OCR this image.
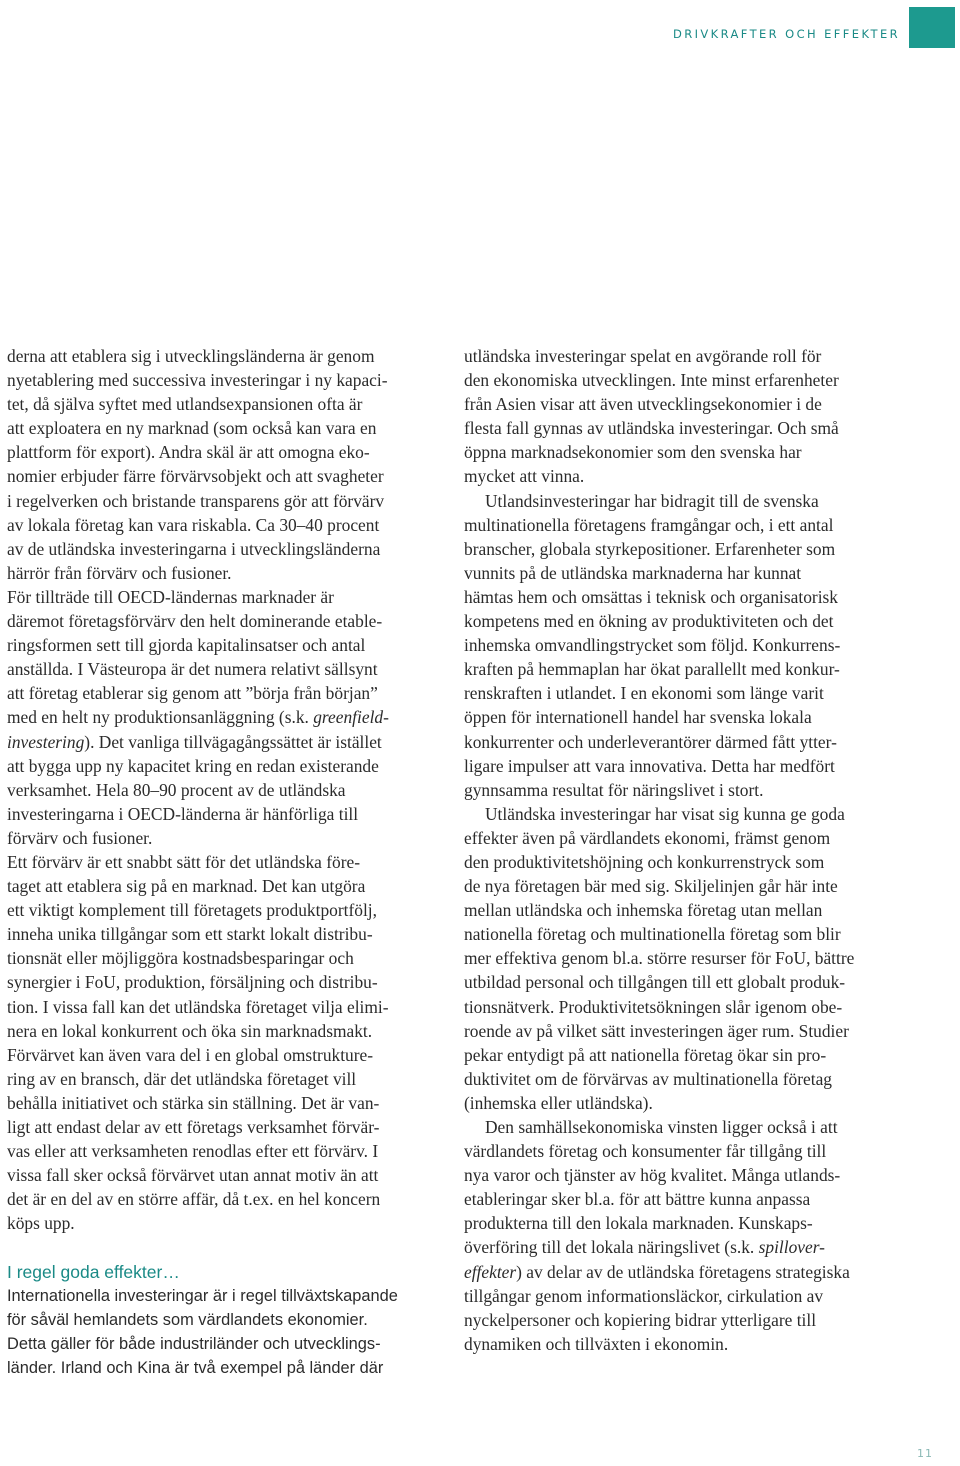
DRIVKRAFTER OCH EFFEKTER
derna att etablera sig i utvecklingsländerna är genom
nyetablering med successiva investeringar i ny kapaci-
tet, då själva syftet med utlandsexpansionen ofta är
att exploatera en ny marknad (som också kan vara en
plattform för export). Andra skäl är att omogna eko-
nomier erbjuder färre förvärvsobjekt och att svagheter
i regelverken och bristande transparens gör att förvärv
av lokala företag kan vara riskabla. Ca 30–40 procent
av de utländska investeringarna i utvecklingsländerna
härrör från förvärv och fusioner.
För tillträde till OECD-ländernas marknader är
däremot företagsförvärv den helt dominerande etable-
ringsformen sett till gjorda kapitalinsatser och antal
anställda. I Västeuropa är det numera relativt sällsynt
att företag etablerar sig genom att ”börja från början”
med en helt ny produktionsanläggning (s.k. greenfield-
investering). Det vanliga tillvägagångssättet är istället
att bygga upp ny kapacitet kring en redan existerande
verksamhet. Hela 80–90 procent av de utländska
investeringarna i OECD-länderna är hänförliga till
förvärv och fusioner.
Ett förvärv är ett snabbt sätt för det utländska före-
taget att etablera sig på en marknad. Det kan utgöra
ett viktigt komplement till företagets produktportfölj,
inneha unika tillgångar som ett starkt lokalt distribu-
tionsnät eller möjliggöra kostnadsbesparingar och
synergier i FoU, produktion, försäljning och distribu-
tion. I vissa fall kan det utländska företaget vilja elimi-
nera en lokal konkurrent och öka sin marknadsmakt.
Förvärvet kan även vara del i en global omstrukture-
ring av en bransch, där det utländska företaget vill
behålla initiativet och stärka sin ställning. Det är van-
ligt att endast delar av ett företags verksamhet förvär-
vas eller att verksamheten renodlas efter ett förvärv. I
vissa fall sker också förvärvet utan annat motiv än att
det är en del av en större affär, då t.ex. en hel koncern
köps upp.
I regel goda effekter…
Internationella investeringar är i regel tillväxtskapande
för såväl hemlandets som värdlandets ekonomier.
Detta gäller för både industriländer och utvecklings-
länder. Irland och Kina är två exempel på länder där
utländska investeringar spelat en avgörande roll för
den ekonomiska utvecklingen. Inte minst erfarenheter
från Asien visar att även utvecklingsekonomier i de
flesta fall gynnas av utländska investeringar. Och små
öppna marknadsekonomier som den svenska har
mycket att vinna.
Utlandsinvesteringar har bidragit till de svenska
multinationella företagens framgångar och, i ett antal
branscher, globala styrkepositioner. Erfarenheter som
vunnits på de utländska marknaderna har kunnat
hämtas hem och omsättas i teknisk och organisatorisk
kompetens med en ökning av produktiviteten och det
inhemska omvandlingstrycket som följd. Konkurrens-
kraften på hemmaplan har ökat parallellt med konkur-
renskraften i utlandet. I en ekonomi som länge varit
öppen för internationell handel har svenska lokala
konkurrenter och underleverantörer därmed fått ytter-
ligare impulser att vara innovativa. Detta har medfört
gynnsamma resultat för näringslivet i stort.
Utländska investeringar har visat sig kunna ge goda
effekter även på värdlandets ekonomi, främst genom
den produktivitetshöjning och konkurrenstryck som
de nya företagen bär med sig. Skiljelinjen går här inte
mellan utländska och inhemska företag utan mellan
nationella företag och multinationella företag som blir
mer effektiva genom bl.a. större resurser för FoU, bättre
utbildad personal och tillgången till ett globalt produk-
tionsnätverk. Produktivitetsökningen slår igenom obe-
roende av på vilket sätt investeringen äger rum. Studier
pekar entydigt på att nationella företag ökar sin pro-
duktivitet om de förvärvas av multinationella företag
(inhemska eller utländska).
Den samhällsekonomiska vinsten ligger också i att
värdlandets företag och konsumenter får tillgång till
nya varor och tjänster av hög kvalitet. Många utlands-
etableringar sker bl.a. för att bättre kunna anpassa
produkterna till den lokala marknaden. Kunskaps-
överföring till det lokala näringslivet (s.k. spillover-
effekter) av delar av de utländska företagens strategiska
tillgångar genom informationsläckor, cirkulation av
nyckelpersoner och kopiering bidrar ytterligare till
dynamiken och tillväxten i ekonomin.
11
